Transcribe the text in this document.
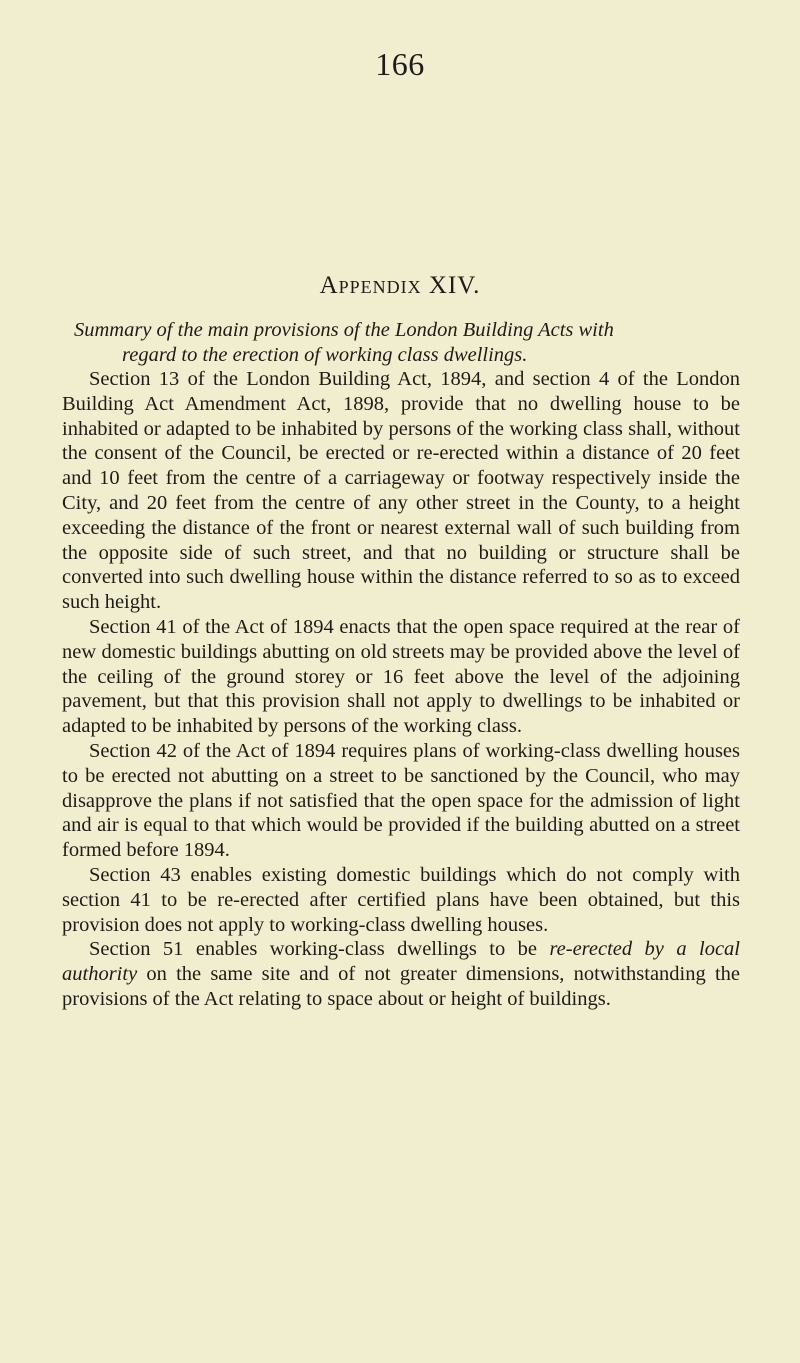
166
Appendix XIV.
Summary of the main provisions of the London Building Acts with
regard to the erection of working class dwellings.

Section 13 of the London Building Act, 1894, and section 4 of the London Building Act Amendment Act, 1898, provide that no dwelling house to be inhabited or adapted to be inhabited by persons of the working class shall, without the consent of the Council, be erected or re-erected within a distance of 20 feet and 10 feet from the centre of a carriageway or footway respectively inside the City, and 20 feet from the centre of any other street in the County, to a height exceeding the distance of the front or nearest external wall of such building from the opposite side of such street, and that no building or structure shall be converted into such dwelling house within the distance referred to so as to exceed such height.

Section 41 of the Act of 1894 enacts that the open space required at the rear of new domestic buildings abutting on old streets may be provided above the level of the ceiling of the ground storey or 16 feet above the level of the adjoining pavement, but that this provision shall not apply to dwellings to be inhabited or adapted to be inhabited by persons of the working class.

Section 42 of the Act of 1894 requires plans of working-class dwelling houses to be erected not abutting on a street to be sanctioned by the Council, who may disapprove the plans if not satisfied that the open space for the admission of light and air is equal to that which would be provided if the building abutted on a street formed before 1894.

Section 43 enables existing domestic buildings which do not comply with section 41 to be re-erected after certified plans have been obtained, but this provision does not apply to working-class dwelling houses.

Section 51 enables working-class dwellings to be re-erected by a local authority on the same site and of not greater dimensions, notwithstanding the provisions of the Act relating to space about or height of buildings.
